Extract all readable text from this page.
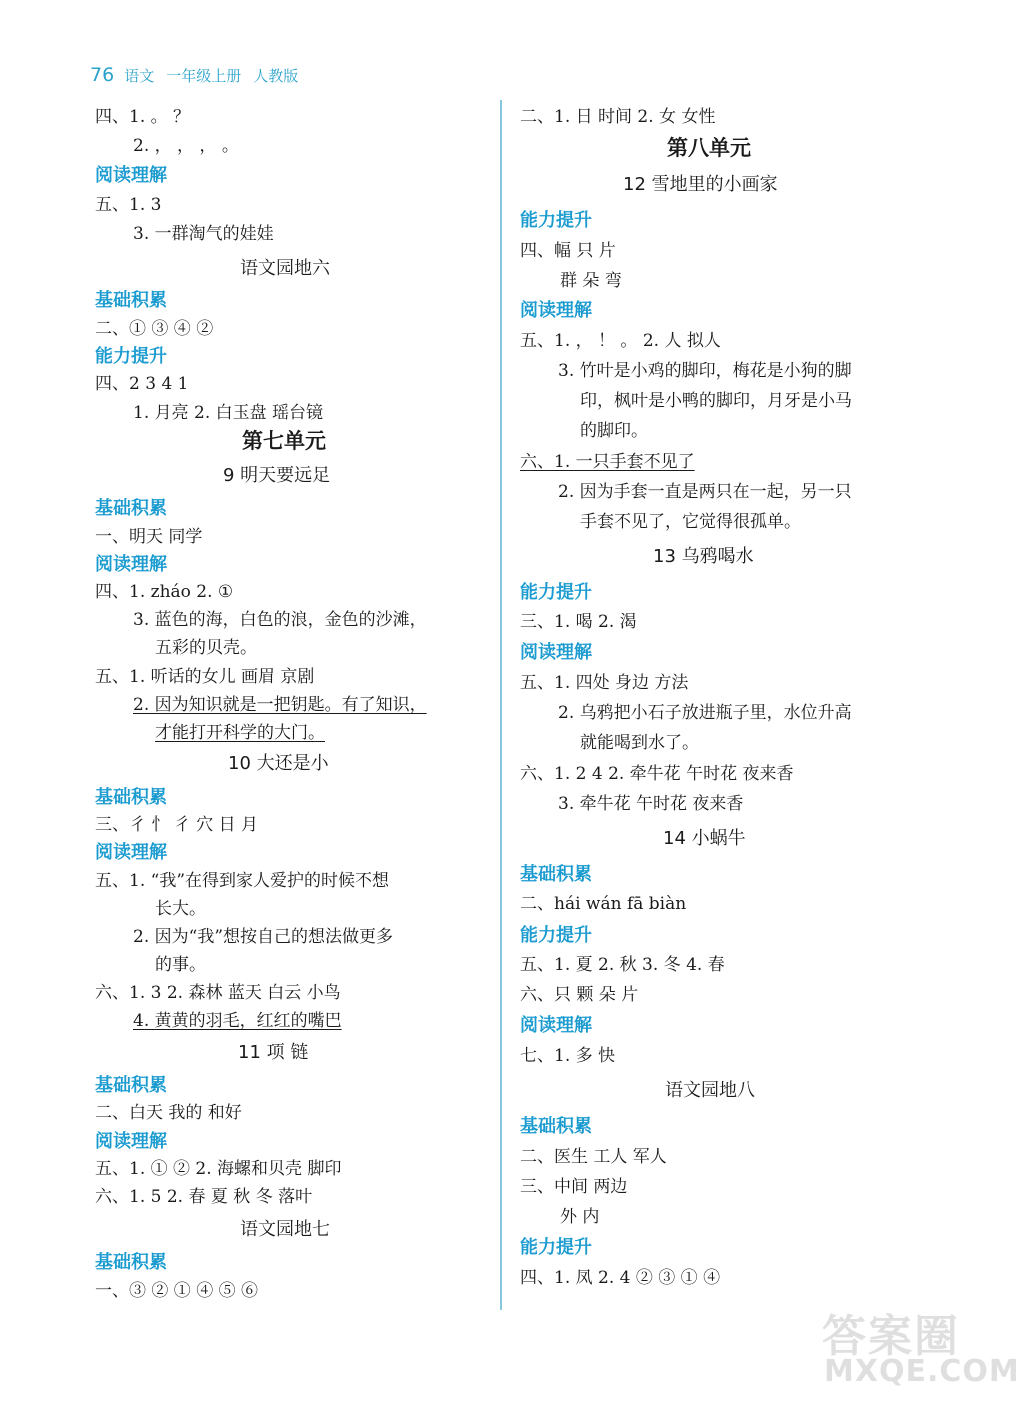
76 语文 一年级上册 人教版
四、1. 。 ？
2. ， ， ， 。
阅读理解
五、1. 3
3. 一群淘气的娃娃
语文园地六
基础积累
二、① ③ ④ ②
能力提升
四、2 3 4 1
1. 月亮 2. 白玉盘 瑶台镜
第七单元
9 明天要远足
基础积累
一、明天 同学
阅读理解
四、1. zháo 2. ①
3. 蓝色的海，白色的浪，金色的沙滩，
五彩的贝壳。
五、1. 听话的女儿 画眉 京剧
2. 因为知识就是一把钥匙。有了知识，
才能打开科学的大门。
10 大还是小
基础积累
三、彳 忄 彳 穴 日 月
阅读理解
五、1. “我”在得到家人爱护的时候不想
长大。
2. 因为“我”想按自己的想法做更多
的事。
六、1. 3 2. 森林 蓝天 白云 小鸟
4. 黄黄的羽毛，红红的嘴巴
11 项 链
基础积累
二、白天 我的 和好
阅读理解
五、1. ① ② 2. 海螺和贝壳 脚印
六、1. 5 2. 春 夏 秋 冬 落叶
语文园地七
基础积累
一、③ ② ① ④ ⑤ ⑥
二、1. 日 时间 2. 女 女性
第八单元
12 雪地里的小画家
能力提升
四、幅 只 片
群 朵 弯
阅读理解
五、1. ， ！ 。 2. 人 拟人
3. 竹叶是小鸡的脚印，梅花是小狗的脚
印，枫叶是小鸭的脚印，月牙是小马
的脚印。
六、1. 一只手套不见了
2. 因为手套一直是两只在一起，另一只
手套不见了，它觉得很孤单。
13 乌鸦喝水
能力提升
三、1. 喝 2. 渴
阅读理解
五、1. 四处 身边 方法
2. 乌鸦把小石子放进瓶子里，水位升高
就能喝到水了。
六、1. 2 4 2. 牵牛花 午时花 夜来香
3. 牵牛花 午时花 夜来香
14 小蜗牛
基础积累
二、hái wán fā biàn
能力提升
五、1. 夏 2. 秋 3. 冬 4. 春
六、只 颗 朵 片
阅读理解
七、1. 多 快
语文园地八
基础积累
二、医生 工人 军人
三、中间 两边
外 内
能力提升
四、1. 凤 2. 4 ② ③ ① ④
答案圈
MXQE.COM
